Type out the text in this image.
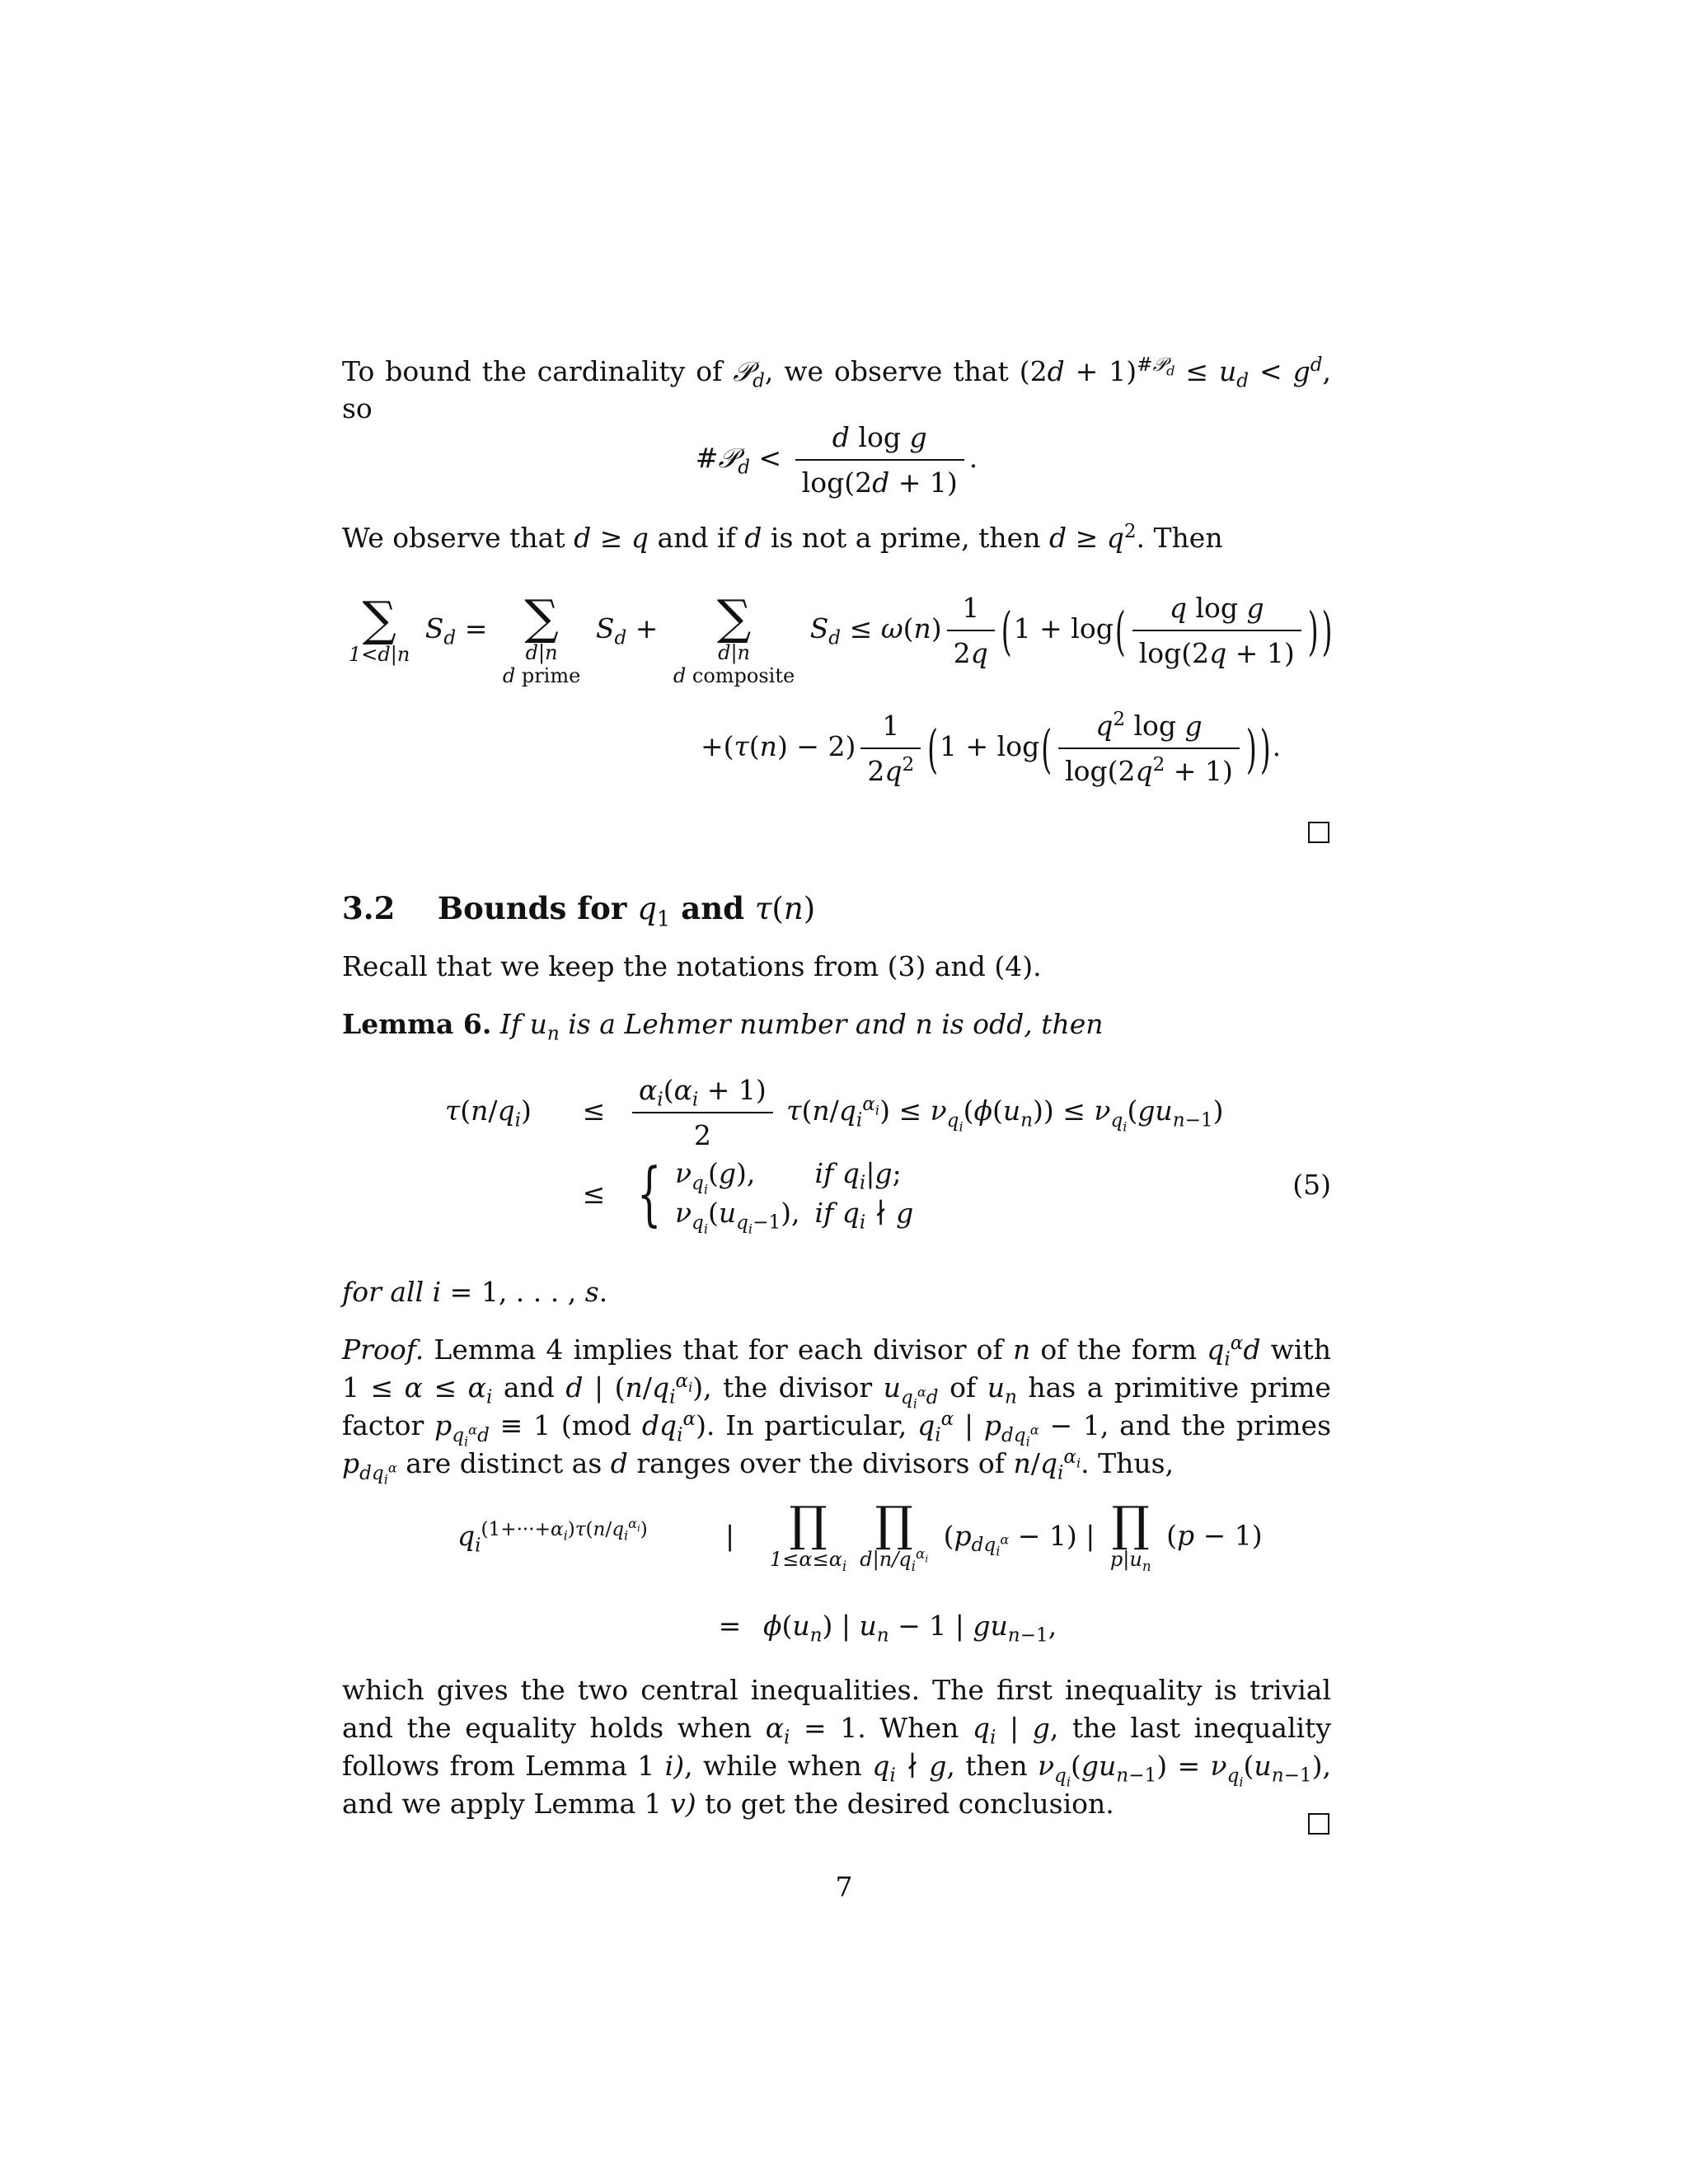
To bound the cardinality of 𝒫$_d$, we observe that $(2d + 1)^{\#𝒫_d} \le u_d < g^d$, so
#𝒫$_d$ < $\frac{\text{d log g}}{\log(2d + 1)}$ .
We observe that d ≥ q and if d is not a prime, then $d \ge q^2$. Then
∑
1<d|n
$S_d$ = ∑
d|n
d prime
$S_d$ +	∑
d|n
d composite
$S_d \le \omega(n) \frac{1}{2q} (1 + \log( \frac{\text{q log g}}{\log(2q + 1)}$ ) )
$+(\tau(n) - 2) \frac{1}{2q^2} (1 + \log( \frac{q^2 \log g}{\log(2q^2 + 1)}$ ) ).
3.2 Bounds for $q_1$ and τ(n)
Recall that we keep the notations from (3) and (4).
Lemma 6. If $u_n$ is a Lehmer number and n is odd, then
$\tau(n/q_i) \le \frac{\alpha_i(\alpha_i + 1)}{2} \tau(n/q_i^{\alpha_i}) \le \nu_{q_i}(\phi(u_n)) \le \nu_{q_i}(gu_{n-1})$
≤ { $\nu_{q_i}(g)$,	if $q_i|g$;
$\nu_{q_i}(u_{q_i-1})$,	if $q_i$ ∤ g
(5)
for all i = 1, . . . , s.
Proof. Lemma 4 implies that for each divisor of n of the form $q_i^\alpha d$ with $1 \le \alpha \le \alpha_i$ and d | $(n/q_i^{\alpha_i})$, the divisor $u_{q_i^\alpha d}$ of $u_n$ has a primitive prime factor $p_{q_i^\alpha d} \equiv 1$ (mod $dq_i^\alpha$). In particular, $q_i^\alpha$ | $p_{dq_i^\alpha} - 1$, and the primes $p_{dq_i^\alpha}$ are distinct as d ranges over the divisors of $n/q_i^{\alpha_i}$. Thus,
$q_i^{(1+\cdot\cdot\cdot+\alpha_i)\tau(n/q_i^{\alpha_i})}$	|	∏
$1\le\alpha\le\alpha_i$
∏
$d|n/q_i^{\alpha_i}$
$(p_{dq_i^\alpha} - 1)$ | ∏
$p|u_n$
(p − 1)
= $\phi(u_n)$ | $u_n - 1$ | $gu_{n-1}$,
which gives the two central inequalities. The first inequality is trivial and the equality holds when $\alpha_i = 1$. When $q_i$ | g, the last inequality follows from Lemma 1 i), while when $q_i$ ∤ g, then $\nu_{q_i}(gu_{n-1}) = \nu_{q_i}(u_{n-1})$, and we apply Lemma 1 v) to get the desired conclusion.
7
